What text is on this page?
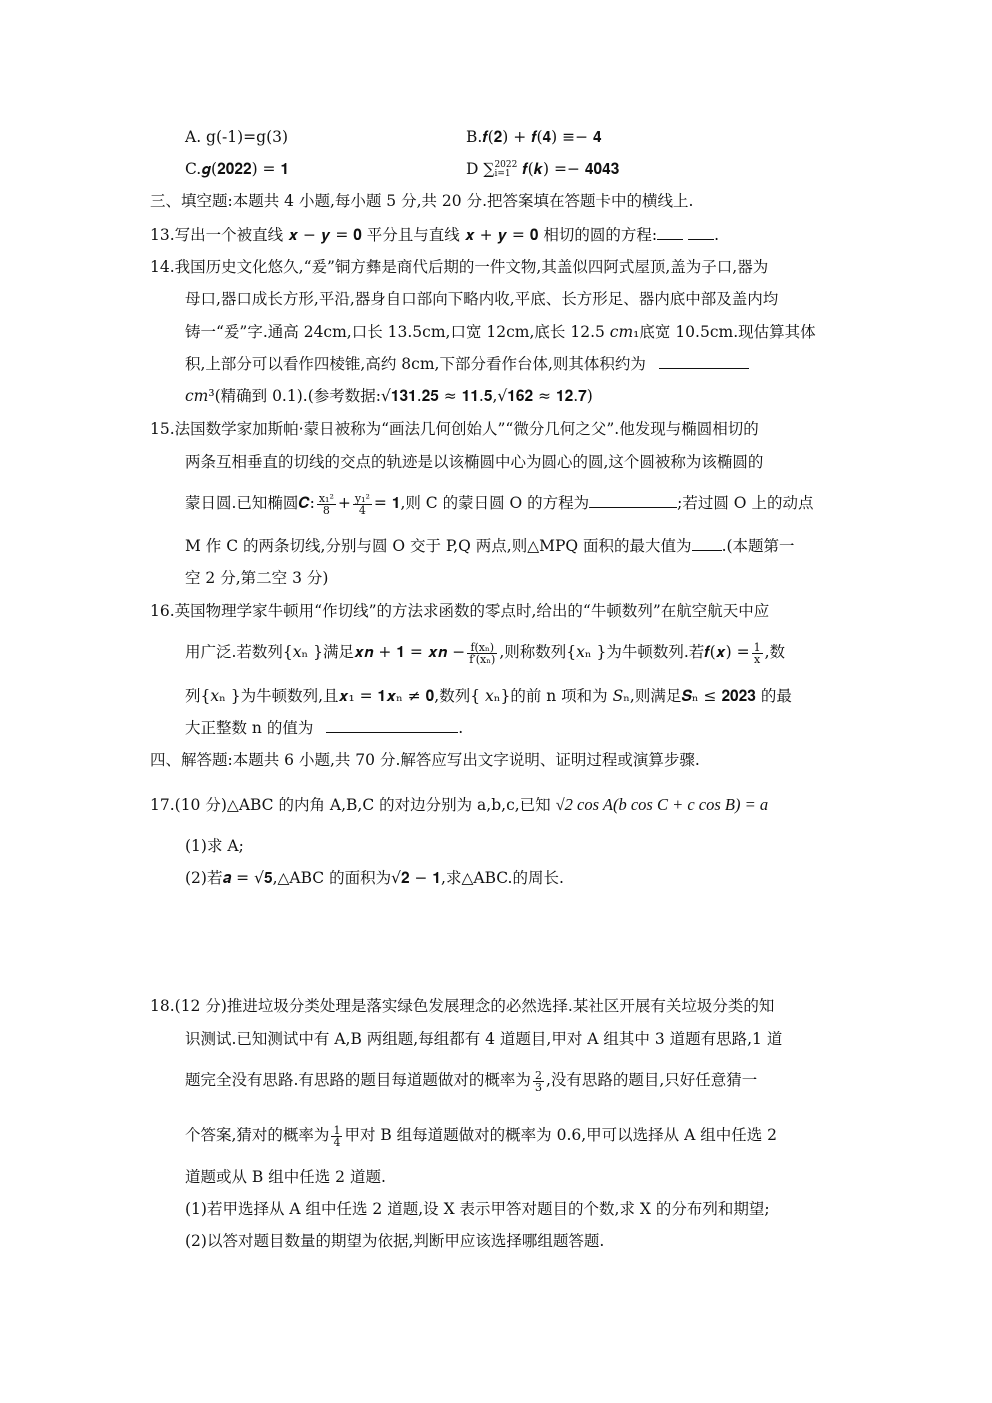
A. g(-1)=g(3)	B.𝒇(𝟐) + 𝒇(𝟒) ≡− 𝟒
C.𝒈(𝟐𝟎𝟐𝟐) = 𝟏	D ∑ 2022
i=1 𝒇(𝒌) =− 𝟒𝟎𝟒𝟑
三、填空题:本题共 4 小题,每小题 5 分,共 20 分.把答案填在答题卡中的横线上.
13.写出一个被直线 𝒙 − 𝒚 = 𝟎 平分且与直线 𝒙 + 𝒚 = 𝟎 相切的圆的方程:	.
14.我国历史文化悠久,“爰”铜方彝是商代后期的一件文物,其盖似四阿式屋顶,盖为子口,器为
母口,器口成长方形,平沿,器身自口部向下略内收,平底、长方形足、器内底中部及盖内均
铸一“爰”字.通高 24cm,口长 13.5cm,口宽 12cm,底长 12.5 𝑐𝑚₁底宽 10.5cm.现估算其体
积,上部分可以看作四棱锥,高约 8cm,下部分看作台体,则其体积约为
𝑐𝑚³(精确到 0.1).(参考数据:√𝟏𝟑𝟏.𝟐𝟓 ≈ 𝟏𝟏.𝟓,√𝟏𝟔𝟐 ≈ 𝟏𝟐.𝟕)
15.法国数学家加斯帕·蒙日被称为“画法几何创始人”“微分几何之父”.他发现与椭圆相切的
两条互相垂直的切线的交点的轨迹是以该椭圆中心为圆心的圆,这个圆被称为该椭圆的
蒙日圆.已知椭圆𝑪: $\frac{\text{x₁²}}{8} + \frac{\text{y₁²}}{4}$ = 𝟏,则 C 的蒙日圆 O 的方程为	;若过圆 O 上的动点
M 作 C 的两条切线,分别与圆 O 交于 P,Q 两点,则△MPQ 面积的最大值为 .(本题第一
空 2 分,第二空 3 分)
16.英国物理学家牛顿用“作切线”的方法求函数的零点时,给出的“牛顿数列”在航空航天中应
用广泛.若数列{𝑥ₙ }满足𝒙𝒏 + 𝟏 = 𝒙𝒏 − $\frac{\text{f(xₙ)}}{\text{f′(xₙ)}}$ ,则称数列{𝑥ₙ }为牛顿数列.若𝒇(𝒙) = $\frac{1}{x}$ ,数
列{𝑥ₙ }为牛顿数列,且𝒙₁ = 𝟏𝒙ₙ ≠ 𝟎,数列{ 𝑥ₙ}的前 n 项和为 𝑆ₙ,则满足𝑺ₙ ≤ 𝟐𝟎𝟐𝟑 的最
大正整数 n 的值为	.
四、解答题:本题共 6 小题,共 70 分.解答应写出文字说明、证明过程或演算步骤.
17.(10 分)△ABC 的内角 A,B,C 的对边分别为 a,b,c,已知 √2 cos A(b cos C + c cos B) = a
(1)求 A;
(2)若𝒂 = √𝟓,△ABC 的面积为√𝟐 − 𝟏,求△ABC.的周长.
18.(12 分)推进垃圾分类处理是落实绿色发展理念的必然选择.某社区开展有关垃圾分类的知
识测试.已知测试中有 A,B 两组题,每组都有 4 道题目,甲对 A 组其中 3 道题有思路,1 道
题完全没有思路.有思路的题目每道题做对的概率为 $\frac{2}{3}$ ,没有思路的题目,只好任意猜一
个答案,猜对的概率为 $\frac{1}{4}$ 甲对 B 组每道题做对的概率为 0.6,甲可以选择从 A 组中任选 2
道题或从 B 组中任选 2 道题.
(1)若甲选择从 A 组中任选 2 道题,设 X 表示甲答对题目的个数,求 X 的分布列和期望;
(2)以答对题目数量的期望为依据,判断甲应该选择哪组题答题.
